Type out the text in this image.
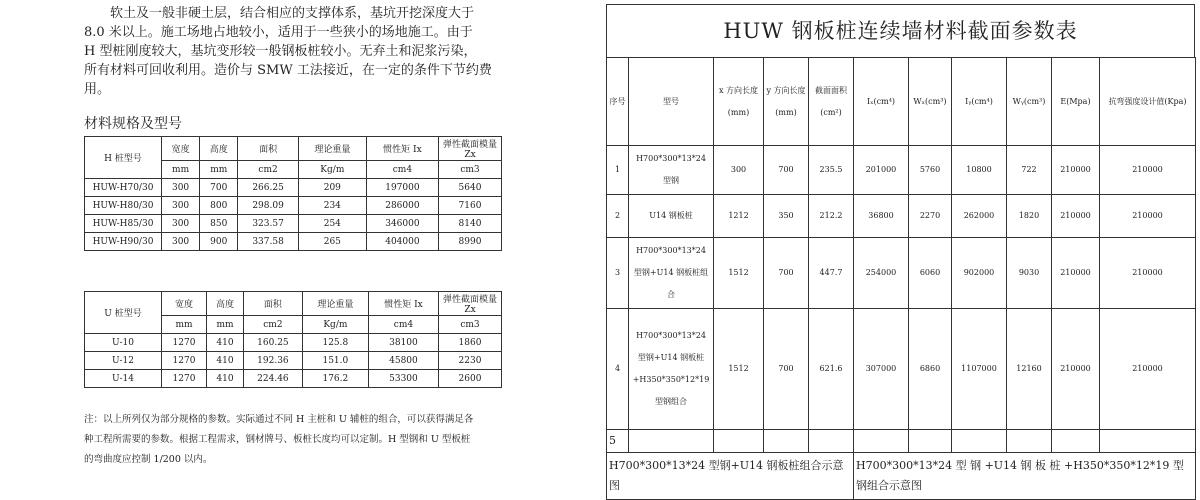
软土及一般非硬土层，结合相应的支撑体系，基坑开挖深度大于
8.0 米以上。施工场地占地较小，适用于一些狭小的场地施工。由于
H 型桩刚度较大，基坑变形较一般钢板桩较小。无弃土和泥浆污染，
所有材料可回收利用。造价与 SMW 工法接近，在一定的条件下节约费
用。
材料规格及型号
H 桩型号	宽度	高度	面积	理论重量	惯性矩 Ix	弹性截面模量 Zx
	mm	mm	cm2	Kg/m	cm4	cm3
HUW-H70/30	300	700	266.25	209	197000	5640
HUW-H80/30	300	800	298.09	234	286000	7160
HUW-H85/30	300	850	323.57	254	346000	8140
HUW-H90/30	300	900	337.58	265	404000	8990
U 桩型号	宽度	高度	面积	理论重量	惯性矩 Ix	弹性截面模量 Zx
	mm	mm	cm2	Kg/m	cm4	cm3
U-10	1270	410	160.25	125.8	38100	1860
U-12	1270	410	192.36	151.0	45800	2230
U-14	1270	410	224.46	176.2	53300	2600
注：以上所列仅为部分规格的参数。实际通过不同 H 主桩和 U 辅桩的组合，可以获得满足各
种工程所需要的参数。根据工程需求，钢材牌号、板桩长度均可以定制。H 型钢和 U 型板桩
的弯曲度应控制 1/200 以内。
HUW 钢板桩连续墙材料截面参数表
序号	型号	x 方向长度(mm)	y 方向长度(mm)	截面面积(cm²)	Iₓ(cm⁴)	Wₓ(cm³)	Iᵧ(cm⁴)	Wᵧ(cm³)	E(Mpa)	抗弯强度设计值(Kpa)
1	H700*300*13*24 型钢	300	700	235.5	201000	5760	10800	722	210000	210000
2	U14 钢板桩	1212	350	212.2	36800	2270	262000	1820	210000	210000
3	H700*300*13*24 型钢+U14 钢板桩组合	1512	700	447.7	254000	6060	902000	9030	210000	210000
4	H700*300*13*24 型钢+U14 钢板桩+H350*350*12*19 型钢组合	1512	700	621.6	307000	6860	1107000	12160	210000	210000
5										
H700*300*13*24 型钢+U14 钢板桩组合示意图					H700*300*13*24 型 钢 +U14 钢 板 桩 +H350*350*12*19 型钢组合示意图					
